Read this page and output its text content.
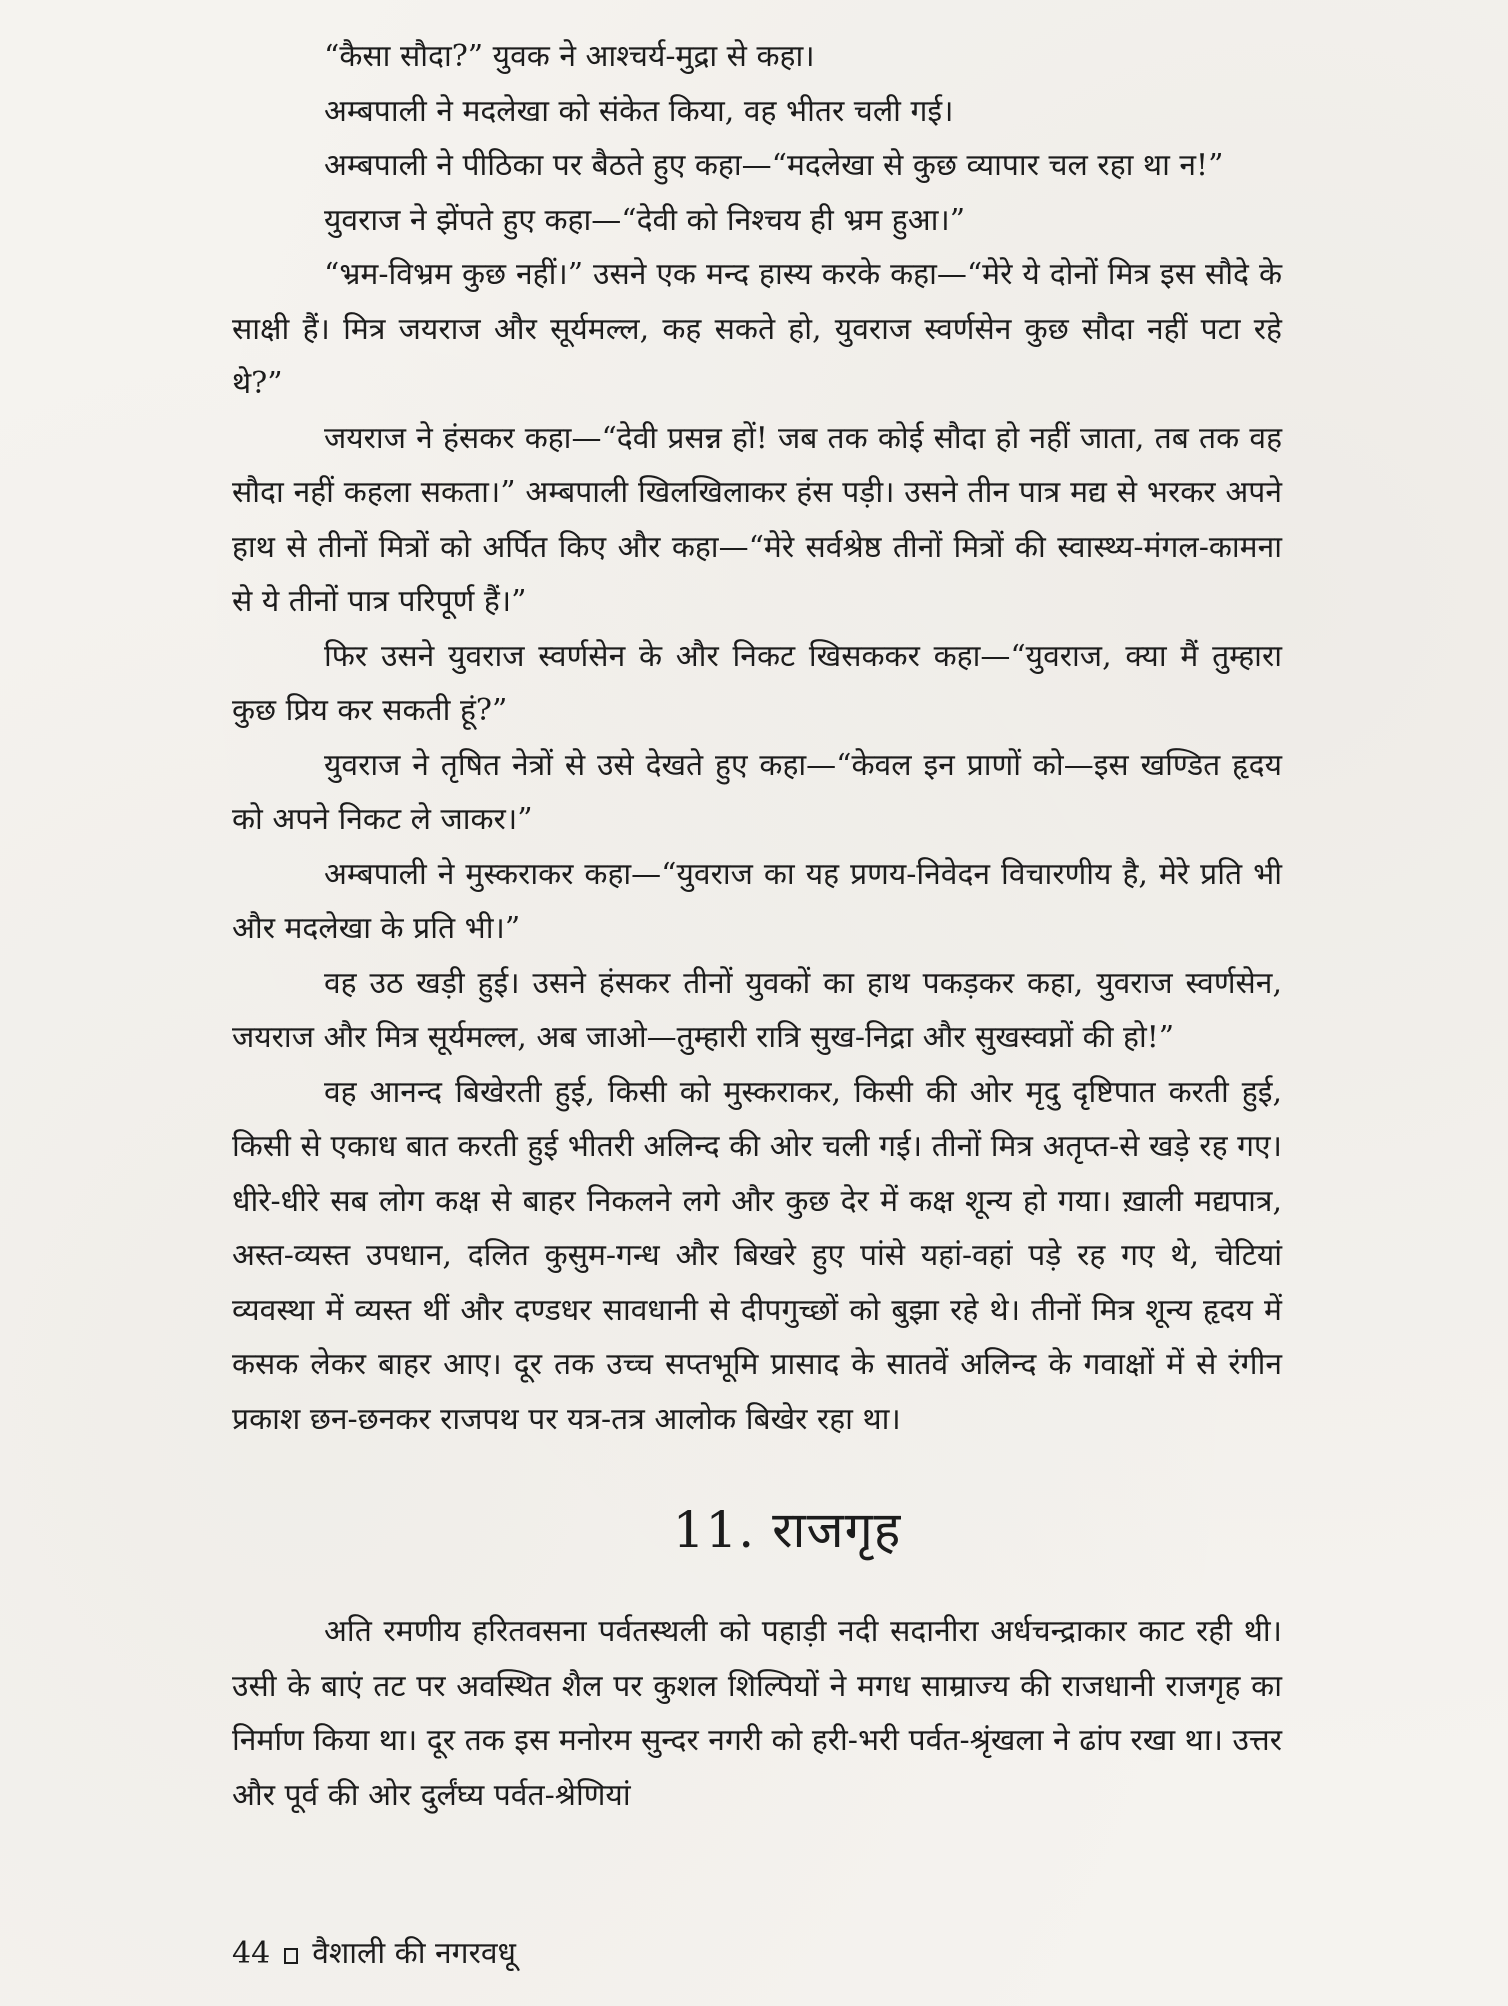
“कैसा सौदा?” युवक ने आश्चर्य-मुद्रा से कहा।

अम्बपाली ने मदलेखा को संकेत किया, वह भीतर चली गई।

अम्बपाली ने पीठिका पर बैठते हुए कहा—“मदलेखा से कुछ व्यापार चल रहा था न!”

युवराज ने झेंपते हुए कहा—“देवी को निश्चय ही भ्रम हुआ।”

“भ्रम-विभ्रम कुछ नहीं।” उसने एक मन्द हास्य करके कहा—“मेरे ये दोनों मित्र इस सौदे के साक्षी हैं। मित्र जयराज और सूर्यमल्ल, कह सकते हो, युवराज स्वर्णसेन कुछ सौदा नहीं पटा रहे थे?”

जयराज ने हंसकर कहा—“देवी प्रसन्न हों! जब तक कोई सौदा हो नहीं जाता, तब तक वह सौदा नहीं कहला सकता।” अम्बपाली खिलखिलाकर हंस पड़ी। उसने तीन पात्र मद्य से भरकर अपने हाथ से तीनों मित्रों को अर्पित किए और कहा—“मेरे सर्वश्रेष्ठ तीनों मित्रों की स्वास्थ्य-मंगल-कामना से ये तीनों पात्र परिपूर्ण हैं।”

फिर उसने युवराज स्वर्णसेन के और निकट खिसककर कहा—“युवराज, क्या मैं तुम्हारा कुछ प्रिय कर सकती हूं?”

युवराज ने तृषित नेत्रों से उसे देखते हुए कहा—“केवल इन प्राणों को—इस खण्डित हृदय को अपने निकट ले जाकर।”

अम्बपाली ने मुस्कराकर कहा—“युवराज का यह प्रणय-निवेदन विचारणीय है, मेरे प्रति भी और मदलेखा के प्रति भी।”

वह उठ खड़ी हुई। उसने हंसकर तीनों युवकों का हाथ पकड़कर कहा, युवराज स्वर्णसेन, जयराज और मित्र सूर्यमल्ल, अब जाओ—तुम्हारी रात्रि सुख-निद्रा और सुखस्वप्नों की हो!”

वह आनन्द बिखेरती हुई, किसी को मुस्कराकर, किसी की ओर मृदु दृष्टिपात करती हुई, किसी से एकाध बात करती हुई भीतरी अलिन्द की ओर चली गई। तीनों मित्र अतृप्त-से खड़े रह गए। धीरे-धीरे सब लोग कक्ष से बाहर निकलने लगे और कुछ देर में कक्ष शून्य हो गया। ख़ाली मद्यपात्र, अस्त-व्यस्त उपधान, दलित कुसुम-गन्ध और बिखरे हुए पांसे यहां-वहां पड़े रह गए थे, चेटियां व्यवस्था में व्यस्त थीं और दण्डधर सावधानी से दीपगुच्छों को बुझा रहे थे। तीनों मित्र शून्य हृदय में कसक लेकर बाहर आए। दूर तक उच्च सप्तभूमि प्रासाद के सातवें अलिन्द के गवाक्षों में से रंगीन प्रकाश छन-छनकर राजपथ पर यत्र-तत्र आलोक बिखेर रहा था।

11. राजगृह

अति रमणीय हरितवसना पर्वतस्थली को पहाड़ी नदी सदानीरा अर्धचन्द्राकार काट रही थी। उसी के बाएं तट पर अवस्थित शैल पर कुशल शिल्पियों ने मगध साम्राज्य की राजधानी राजगृह का निर्माण किया था। दूर तक इस मनोरम सुन्दर नगरी को हरी-भरी पर्वत-श्रृंखला ने ढांप रखा था। उत्तर और पूर्व की ओर दुर्लंघ्य पर्वत-श्रेणियां

44 वैशाली की नगरवधू
